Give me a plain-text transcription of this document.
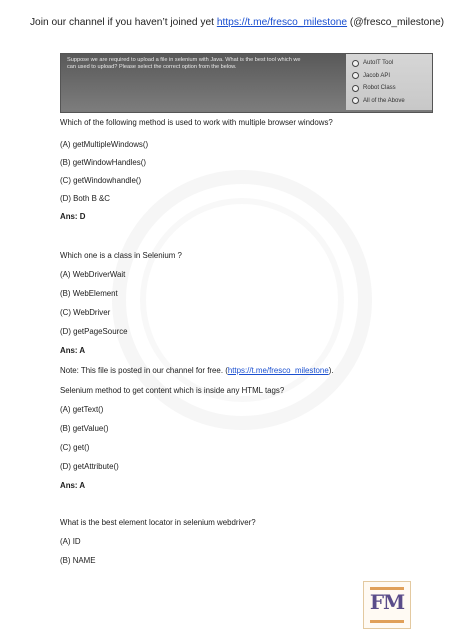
Join our channel if you haven’t joined yet https://t.me/fresco_milestone (@fresco_milestone)
Suppose we are required to upload a file in selenium with Java. What is the best tool which we
can used to upload? Please select the correct option from the below.
AutoIT Tool
Jacob API
Robot Class
All of the Above
Which of the following method is used to work with multiple browser windows?
(A) getMultipleWindows()
(B) getWindowHandles()
(C) getWindowhandle()
(D) Both B &C
Ans: D
Which one is a class in Selenium ?
(A) WebDriverWait
(B) WebElement
(C) WebDriver
(D) getPageSource
Ans: A
Note: This file is posted in our channel for free. (https://t.me/fresco_milestone).
Selenium method to get content which is inside any HTML tags?
(A) getText()
(B) getValue()
(C) get()
(D) getAttribute()
Ans: A
What is the best element locator in selenium webdriver?
(A) ID
(B) NAME
FM
